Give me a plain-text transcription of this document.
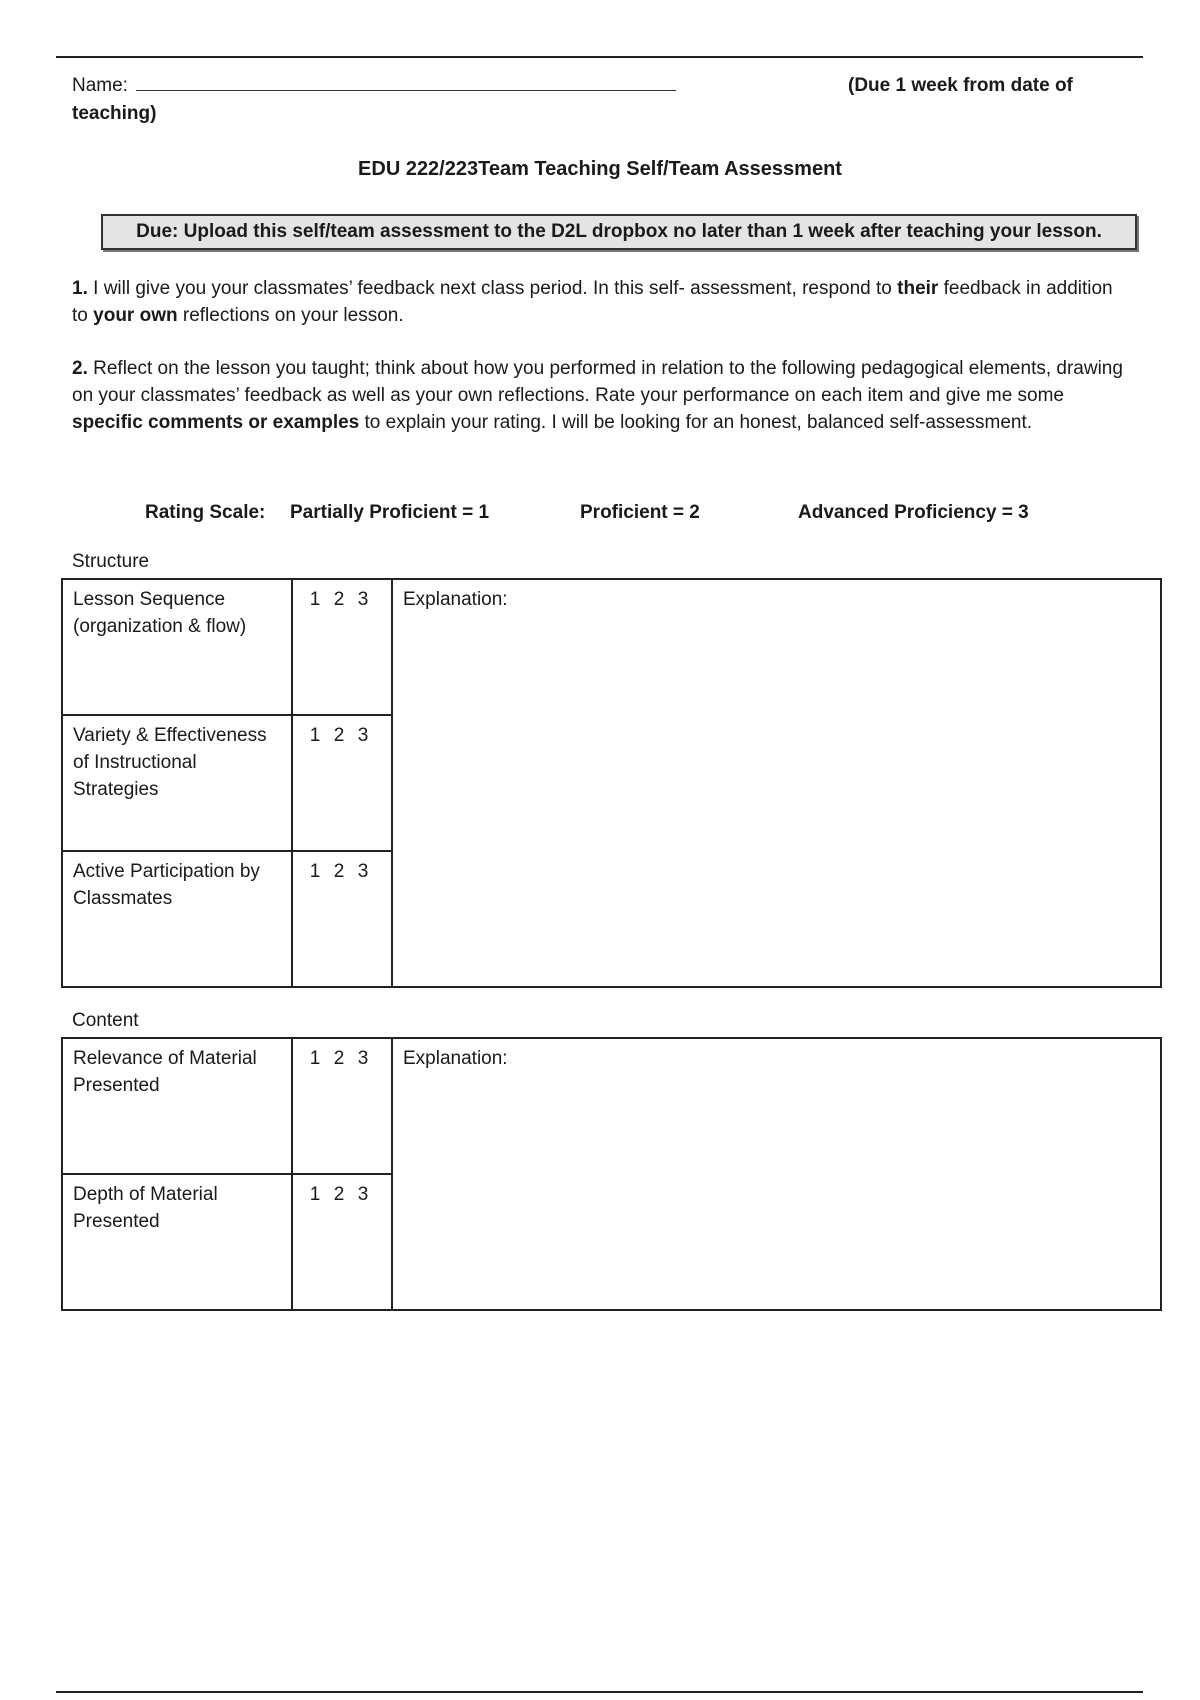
Name:	(Due 1 week from date of
teaching)
EDU 222/223Team Teaching Self/Team Assessment
Due: Upload this self/team assessment to the D2L dropbox no later than 1 week after teaching your lesson.

1. I will give you your classmates’ feedback next class period. In this self- assessment, respond to their feedback in addition to your own reflections on your lesson.

2. Reflect on the lesson you taught; think about how you performed in relation to the following pedagogical elements, drawing on your classmates’ feedback as well as your own reflections. Rate your performance on each item and give me some specific comments or examples to explain your rating. I will be looking for an honest, balanced self-assessment.

Rating Scale: Partially Proficient = 1	Proficient = 2	Advanced Proficiency = 3
Structure
Lesson Sequence (organization & flow)	1 2 3	Explanation:
Variety & Effectiveness of Instructional Strategies	1 2 3	
Active Participation by Classmates	1 2 3	
Content
Relevance of Material Presented	1 2 3	Explanation:
Depth of Material Presented	1 2 3	
